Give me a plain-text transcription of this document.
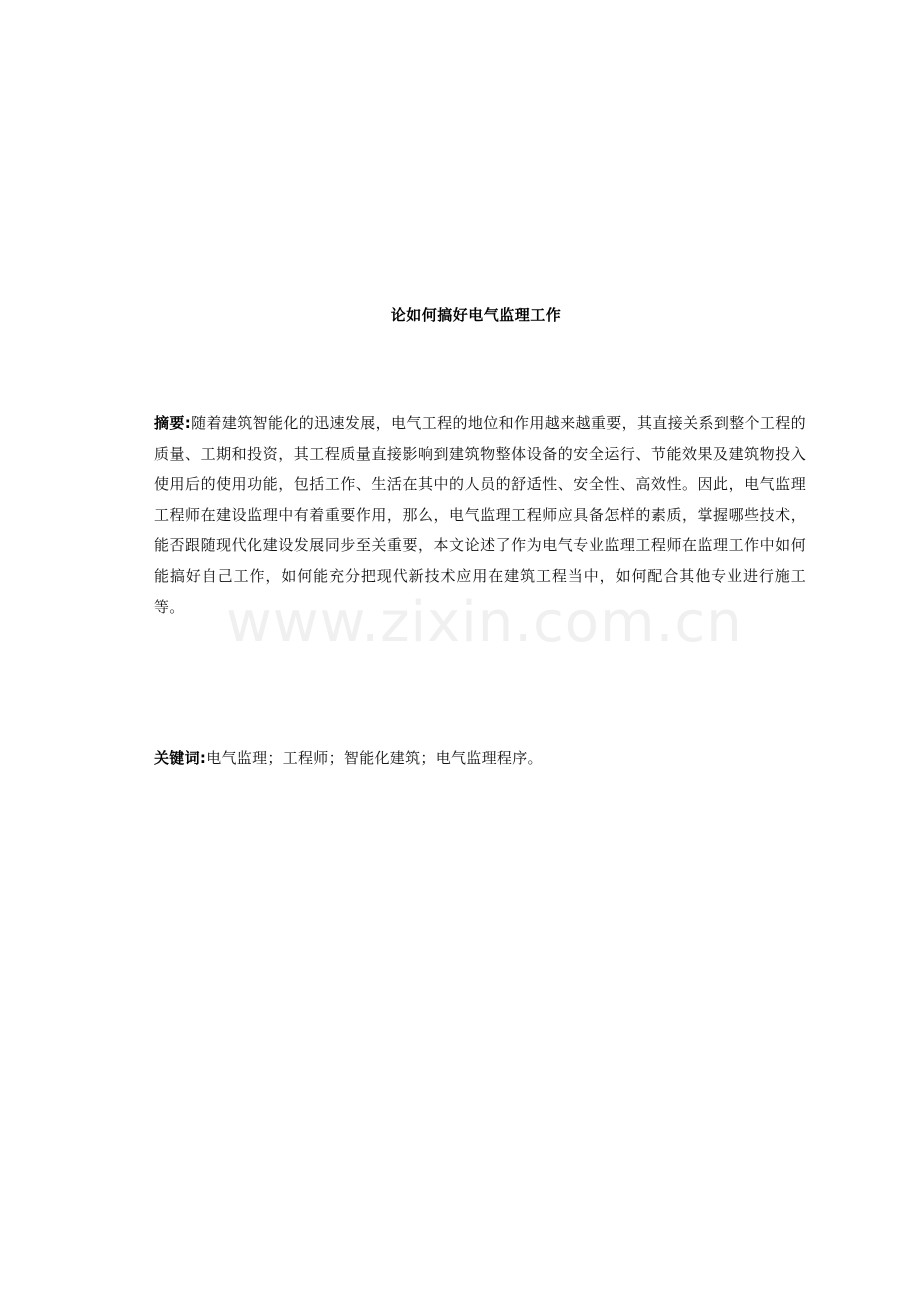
论如何搞好电气监理工作

摘要:随着建筑智能化的迅速发展，电气工程的地位和作用越来越重要，其直接关系到整个工程的质量、工期和投资，其工程质量直接影响到建筑物整体设备的安全运行、节能效果及建筑物投入使用后的使用功能，包括工作、生活在其中的人员的舒适性、安全性、高效性。因此，电气监理工程师在建设监理中有着重要作用，那么，电气监理工程师应具备怎样的素质，掌握哪些技术，能否跟随现代化建设发展同步至关重要，本文论述了作为电气专业监理工程师在监理工作中如何能搞好自己工作，如何能充分把现代新技术应用在建筑工程当中，如何配合其他专业进行施工等。

关键词:电气监理；工程师；智能化建筑；电气监理程序。

www.zixin.com.cn
